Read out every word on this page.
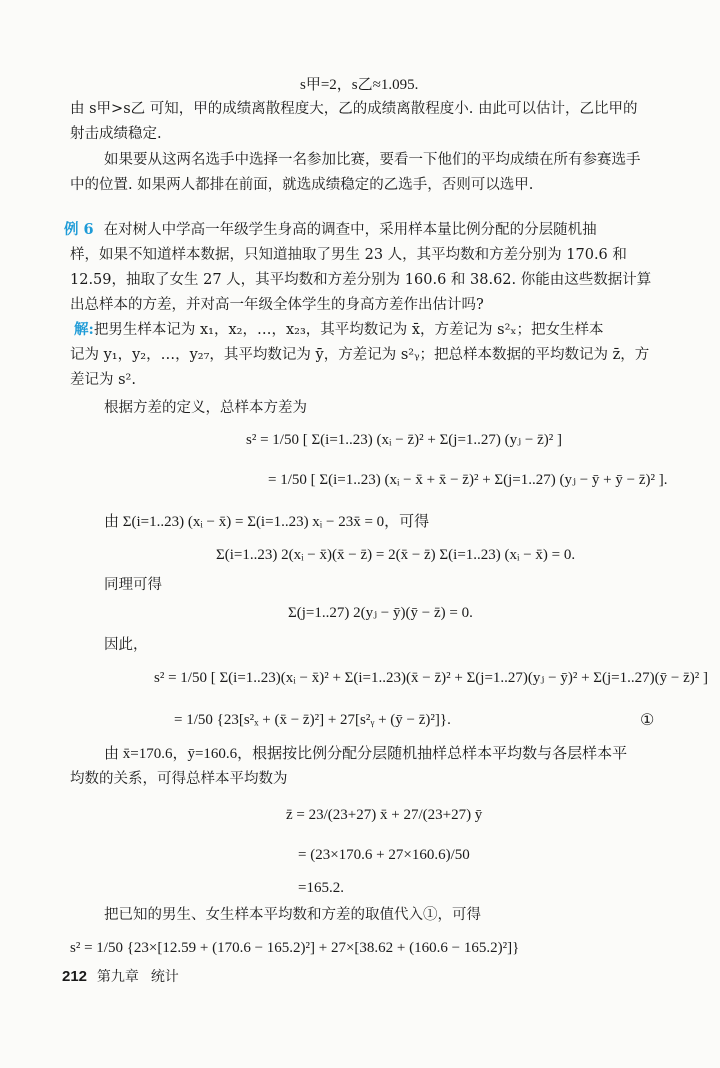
s甲=2，s乙≈1.095.
由 s甲>s乙 可知，甲的成绩离散程度大，乙的成绩离散程度小. 由此可以估计，乙比甲的
射击成绩稳定.
如果要从这两名选手中选择一名参加比赛，要看一下他们的平均成绩在所有参赛选手
中的位置. 如果两人都排在前面，就选成绩稳定的乙选手，否则可以选甲.
例 6 在对树人中学高一年级学生身高的调查中，采用样本量比例分配的分层随机抽
样，如果不知道样本数据，只知道抽取了男生 23 人，其平均数和方差分别为 170.6 和
12.59，抽取了女生 27 人，其平均数和方差分别为 160.6 和 38.62. 你能由这些数据计算
出总样本的方差，并对高一年级全体学生的身高方差作出估计吗?
解:把男生样本记为 x₁，x₂，…，x₂₃，其平均数记为 x̄，方差记为 s²ₓ；把女生样本
记为 y₁，y₂，…，y₂₇，其平均数记为 ȳ，方差记为 s²ᵧ；把总样本数据的平均数记为 z̄，方
差记为 s².
根据方差的定义，总样本方差为
s² = 1/50 [ Σ(i=1..23) (xᵢ − z̄)² + Σ(j=1..27) (yⱼ − z̄)² ]
= 1/50 [ Σ(i=1..23) (xᵢ − x̄ + x̄ − z̄)² + Σ(j=1..27) (yⱼ − ȳ + ȳ − z̄)² ].
由 Σ(i=1..23) (xᵢ − x̄) = Σ(i=1..23) xᵢ − 23x̄ = 0，可得
Σ(i=1..23) 2(xᵢ − x̄)(x̄ − z̄) = 2(x̄ − z̄) Σ(i=1..23) (xᵢ − x̄) = 0.
同理可得
Σ(j=1..27) 2(yⱼ − ȳ)(ȳ − z̄) = 0.
因此，
s² = 1/50 [ Σ(i=1..23)(xᵢ − x̄)² + Σ(i=1..23)(x̄ − z̄)² + Σ(j=1..27)(yⱼ − ȳ)² + Σ(j=1..27)(ȳ − z̄)² ]
= 1/50 {23[s²ₓ + (x̄ − z̄)²] + 27[s²ᵧ + (ȳ − z̄)²]}.
由 x̄=170.6，ȳ=160.6，根据按比例分配分层随机抽样总样本平均数与各层样本平
均数的关系，可得总样本平均数为
z̄ = 23/(23+27) x̄ + 27/(23+27) ȳ
= (23×170.6 + 27×160.6)/50
=165.2.
把已知的男生、女生样本平均数和方差的取值代入①，可得
s² = 1/50 {23×[12.59 + (170.6 − 165.2)²] + 27×[38.62 + (160.6 − 165.2)²]}
①
212 第九章 统计
